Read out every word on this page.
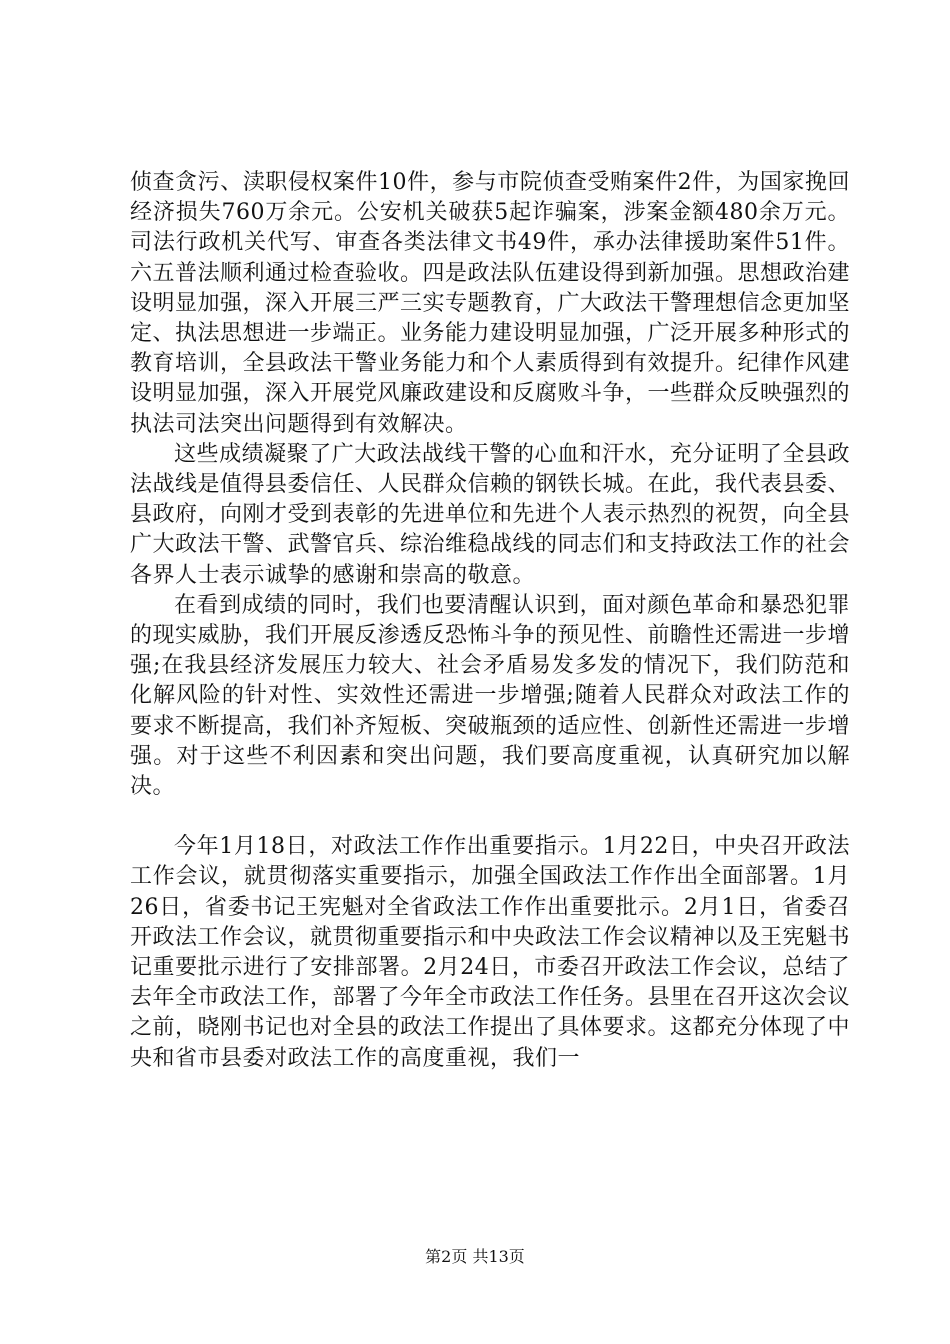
侦查贪污、渎职侵权案件10件，参与市院侦查受贿案件2件，为国家挽回经济损失760万余元。公安机关破获5起诈骗案，涉案金额480余万元。司法行政机关代写、审查各类法律文书49件，承办法律援助案件51件。六五普法顺利通过检查验收。四是政法队伍建设得到新加强。思想政治建设明显加强，深入开展三严三实专题教育，广大政法干警理想信念更加坚定、执法思想进一步端正。业务能力建设明显加强，广泛开展多种形式的教育培训，全县政法干警业务能力和个人素质得到有效提升。纪律作风建设明显加强，深入开展党风廉政建设和反腐败斗争，一些群众反映强烈的执法司法突出问题得到有效解决。

这些成绩凝聚了广大政法战线干警的心血和汗水，充分证明了全县政法战线是值得县委信任、人民群众信赖的钢铁长城。在此，我代表县委、县政府，向刚才受到表彰的先进单位和先进个人表示热烈的祝贺，向全县广大政法干警、武警官兵、综治维稳战线的同志们和支持政法工作的社会各界人士表示诚挚的感谢和崇高的敬意。

在看到成绩的同时，我们也要清醒认识到，面对颜色革命和暴恐犯罪的现实威胁，我们开展反渗透反恐怖斗争的预见性、前瞻性还需进一步增强;在我县经济发展压力较大、社会矛盾易发多发的情况下，我们防范和化解风险的针对性、实效性还需进一步增强;随着人民群众对政法工作的要求不断提高，我们补齐短板、突破瓶颈的适应性、创新性还需进一步增强。对于这些不利因素和突出问题，我们要高度重视，认真研究加以解决。

今年1月18日，对政法工作作出重要指示。1月22日，中央召开政法工作会议，就贯彻落实重要指示，加强全国政法工作作出全面部署。1月26日，省委书记王宪魁对全省政法工作作出重要批示。2月1日，省委召开政法工作会议，就贯彻重要指示和中央政法工作会议精神以及王宪魁书记重要批示进行了安排部署。2月24日，市委召开政法工作会议，总结了去年全市政法工作，部署了今年全市政法工作任务。县里在召开这次会议之前，晓刚书记也对全县的政法工作提出了具体要求。这都充分体现了中央和省市县委对政法工作的高度重视，我们一

第2页 共13页
